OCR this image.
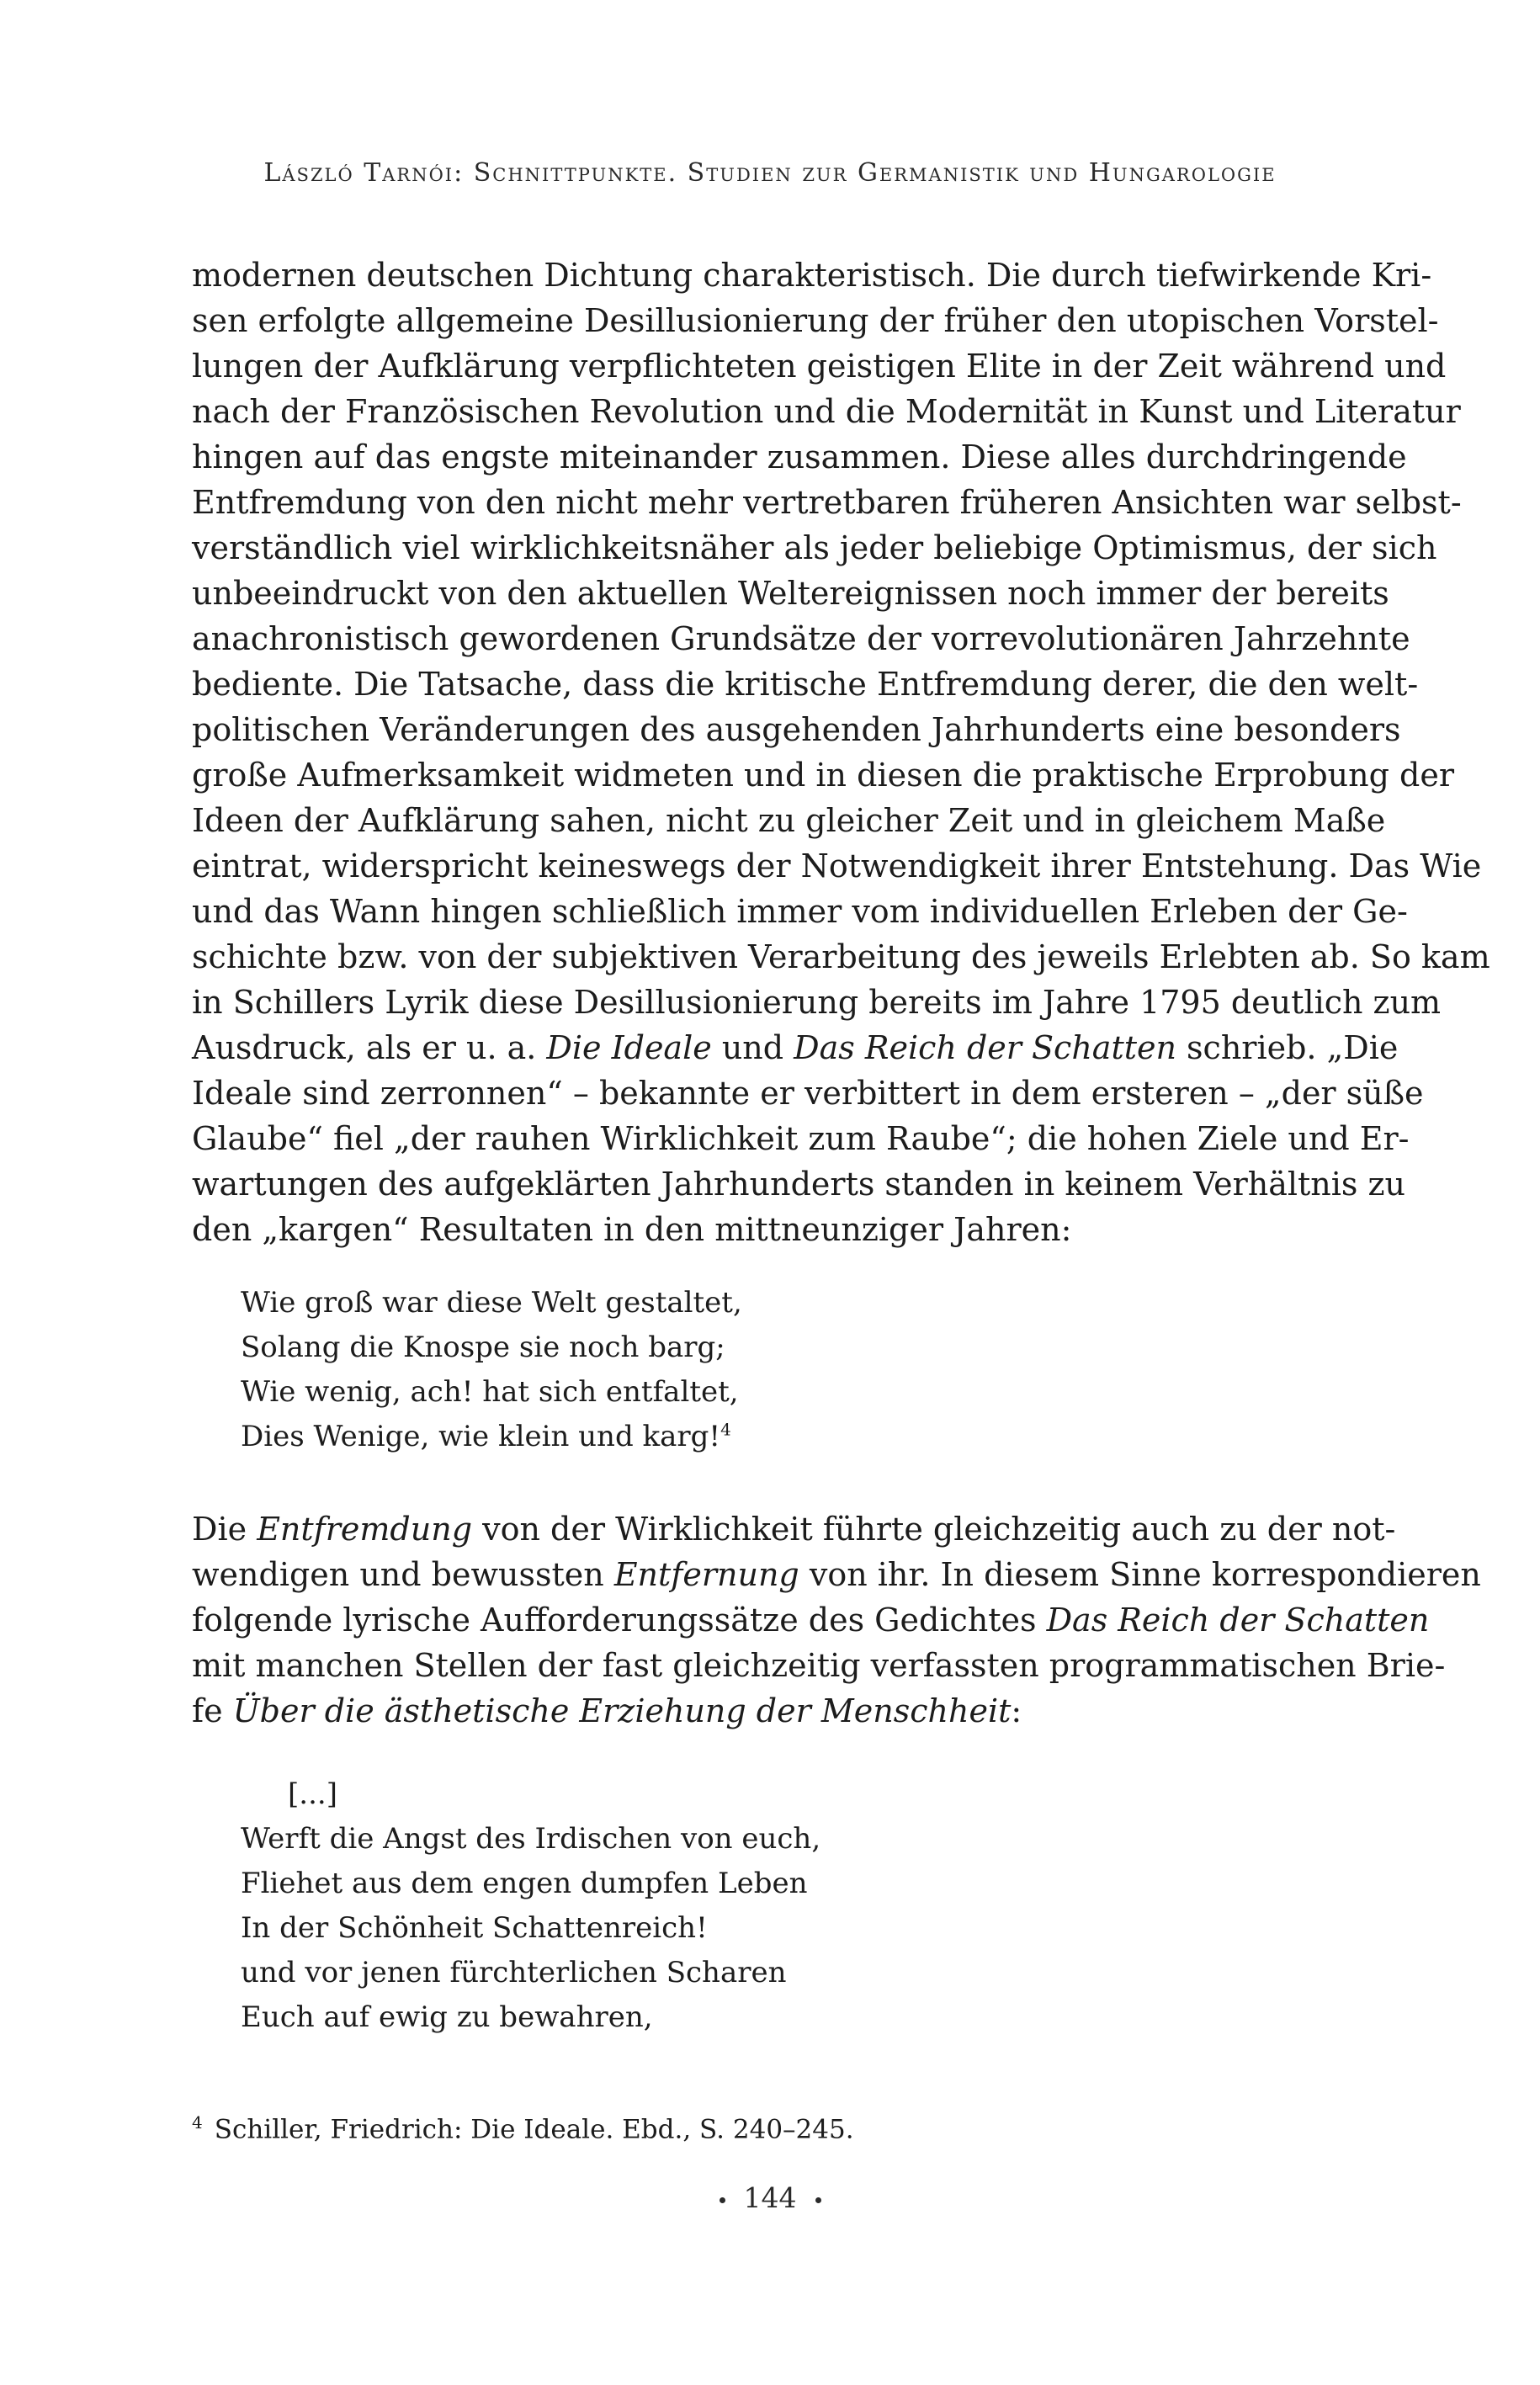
László Tarnói: Schnittpunkte. Studien zur Germanistik und Hungarologie
modernen deutschen Dichtung charakteristisch. Die durch tiefwirkende Kri-
sen erfolgte allgemeine Desillusionierung der früher den utopischen Vorstel-
lungen der Aufklärung verpflichteten geistigen Elite in der Zeit während und
nach der Französischen Revolution und die Modernität in Kunst und Literatur
hingen auf das engste miteinander zusammen. Diese alles durchdringende
Entfremdung von den nicht mehr vertretbaren früheren Ansichten war selbst-
verständlich viel wirklichkeitsnäher als jeder beliebige Optimismus, der sich
unbeeindruckt von den aktuellen Weltereignissen noch immer der bereits
anachronistisch gewordenen Grundsätze der vorrevolutionären Jahrzehnte
bediente. Die Tatsache, dass die kritische Entfremdung derer, die den welt-
politischen Veränderungen des ausgehenden Jahrhunderts eine besonders
große Aufmerksamkeit widmeten und in diesen die praktische Erprobung der
Ideen der Aufklärung sahen, nicht zu gleicher Zeit und in gleichem Maße
eintrat, widerspricht keineswegs der Notwendigkeit ihrer Entstehung. Das Wie
und das Wann hingen schließlich immer vom individuellen Erleben der Ge-
schichte bzw. von der subjektiven Verarbeitung des jeweils Erlebten ab. So kam
in Schillers Lyrik diese Desillusionierung bereits im Jahre 1795 deutlich zum
Ausdruck, als er u. a. Die Ideale und Das Reich der Schatten schrieb. „Die
Ideale sind zerronnen“ – bekannte er verbittert in dem ersteren – „der süße
Glaube“ fiel „der rauhen Wirklichkeit zum Raube“; die hohen Ziele und Er-
wartungen des aufgeklärten Jahrhunderts standen in keinem Verhältnis zu
den „kargen“ Resultaten in den mittneunziger Jahren:
Wie groß war diese Welt gestaltet,
Solang die Knospe sie noch barg;
Wie wenig, ach! hat sich entfaltet,
Dies Wenige, wie klein und karg!$^4$
Die Entfremdung von der Wirklichkeit führte gleichzeitig auch zu der not-
wendigen und bewussten Entfernung von ihr. In diesem Sinne korrespondieren
folgende lyrische Aufforderungssätze des Gedichtes Das Reich der Schatten
mit manchen Stellen der fast gleichzeitig verfassten programmatischen Brie-
fe Über die ästhetische Erziehung der Menschheit:
[...]
Werft die Angst des Irdischen von euch,
Fliehet aus dem engen dumpfen Leben
In der Schönheit Schattenreich!
und vor jenen fürchterlichen Scharen
Euch auf ewig zu bewahren,
$^4$ Schiller, Friedrich: Die Ideale. Ebd., S. 240–245.
144
